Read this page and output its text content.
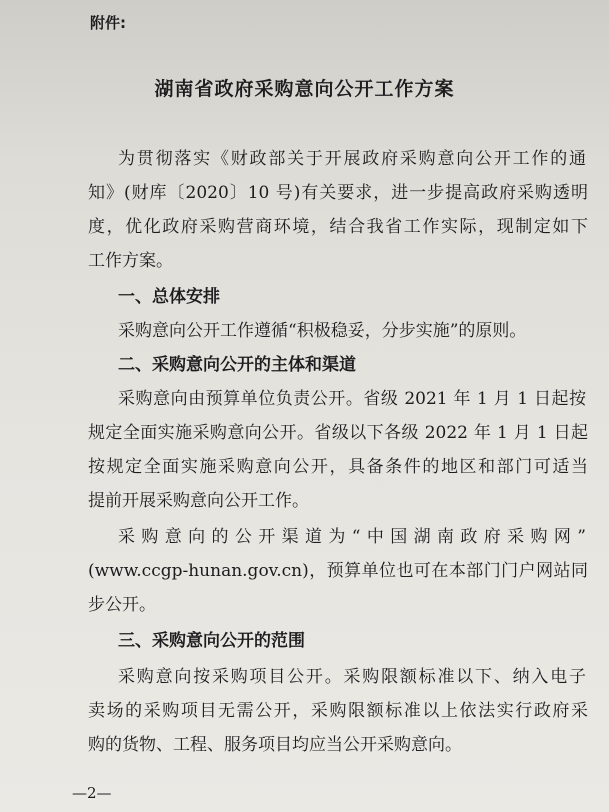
附件:
湖南省政府采购意向公开工作方案
为贯彻落实《财政部关于开展政府采购意向公开工作的通
知》(财库〔2020〕10 号)有关要求，进一步提高政府采购透明
度，优化政府采购营商环境，结合我省工作实际，现制定如下
工作方案。
一、总体安排
采购意向公开工作遵循“积极稳妥，分步实施”的原则。
二、采购意向公开的主体和渠道
采购意向由预算单位负责公开。省级 2021 年 1 月 1 日起按
规定全面实施采购意向公开。省级以下各级 2022 年 1 月 1 日起
按规定全面实施采购意向公开，具备条件的地区和部门可适当
提前开展采购意向公开工作。
采购意向的公开渠道为“中国湖南政府采购网”
(www.ccgp-hunan.gov.cn)，预算单位也可在本部门门户网站同
步公开。
三、采购意向公开的范围
采购意向按采购项目公开。采购限额标准以下、纳入电子
卖场的采购项目无需公开，采购限额标准以上依法实行政府采
购的货物、工程、服务项目均应当公开采购意向。
—2—
